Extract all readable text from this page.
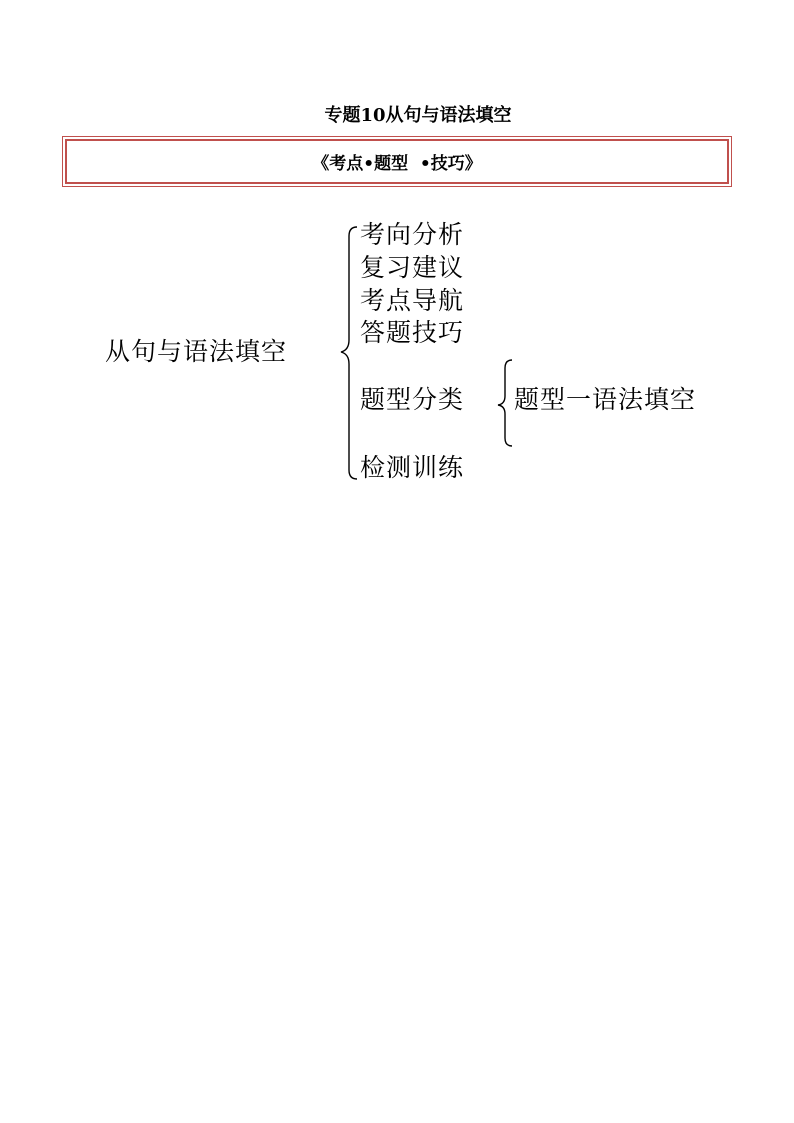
专题10从句与语法填空
《考点•题型  •技巧》
从句与语法填空
考向分析
复习建议
考点导航
答题技巧
题型分类
检测训练
题型一语法填空
